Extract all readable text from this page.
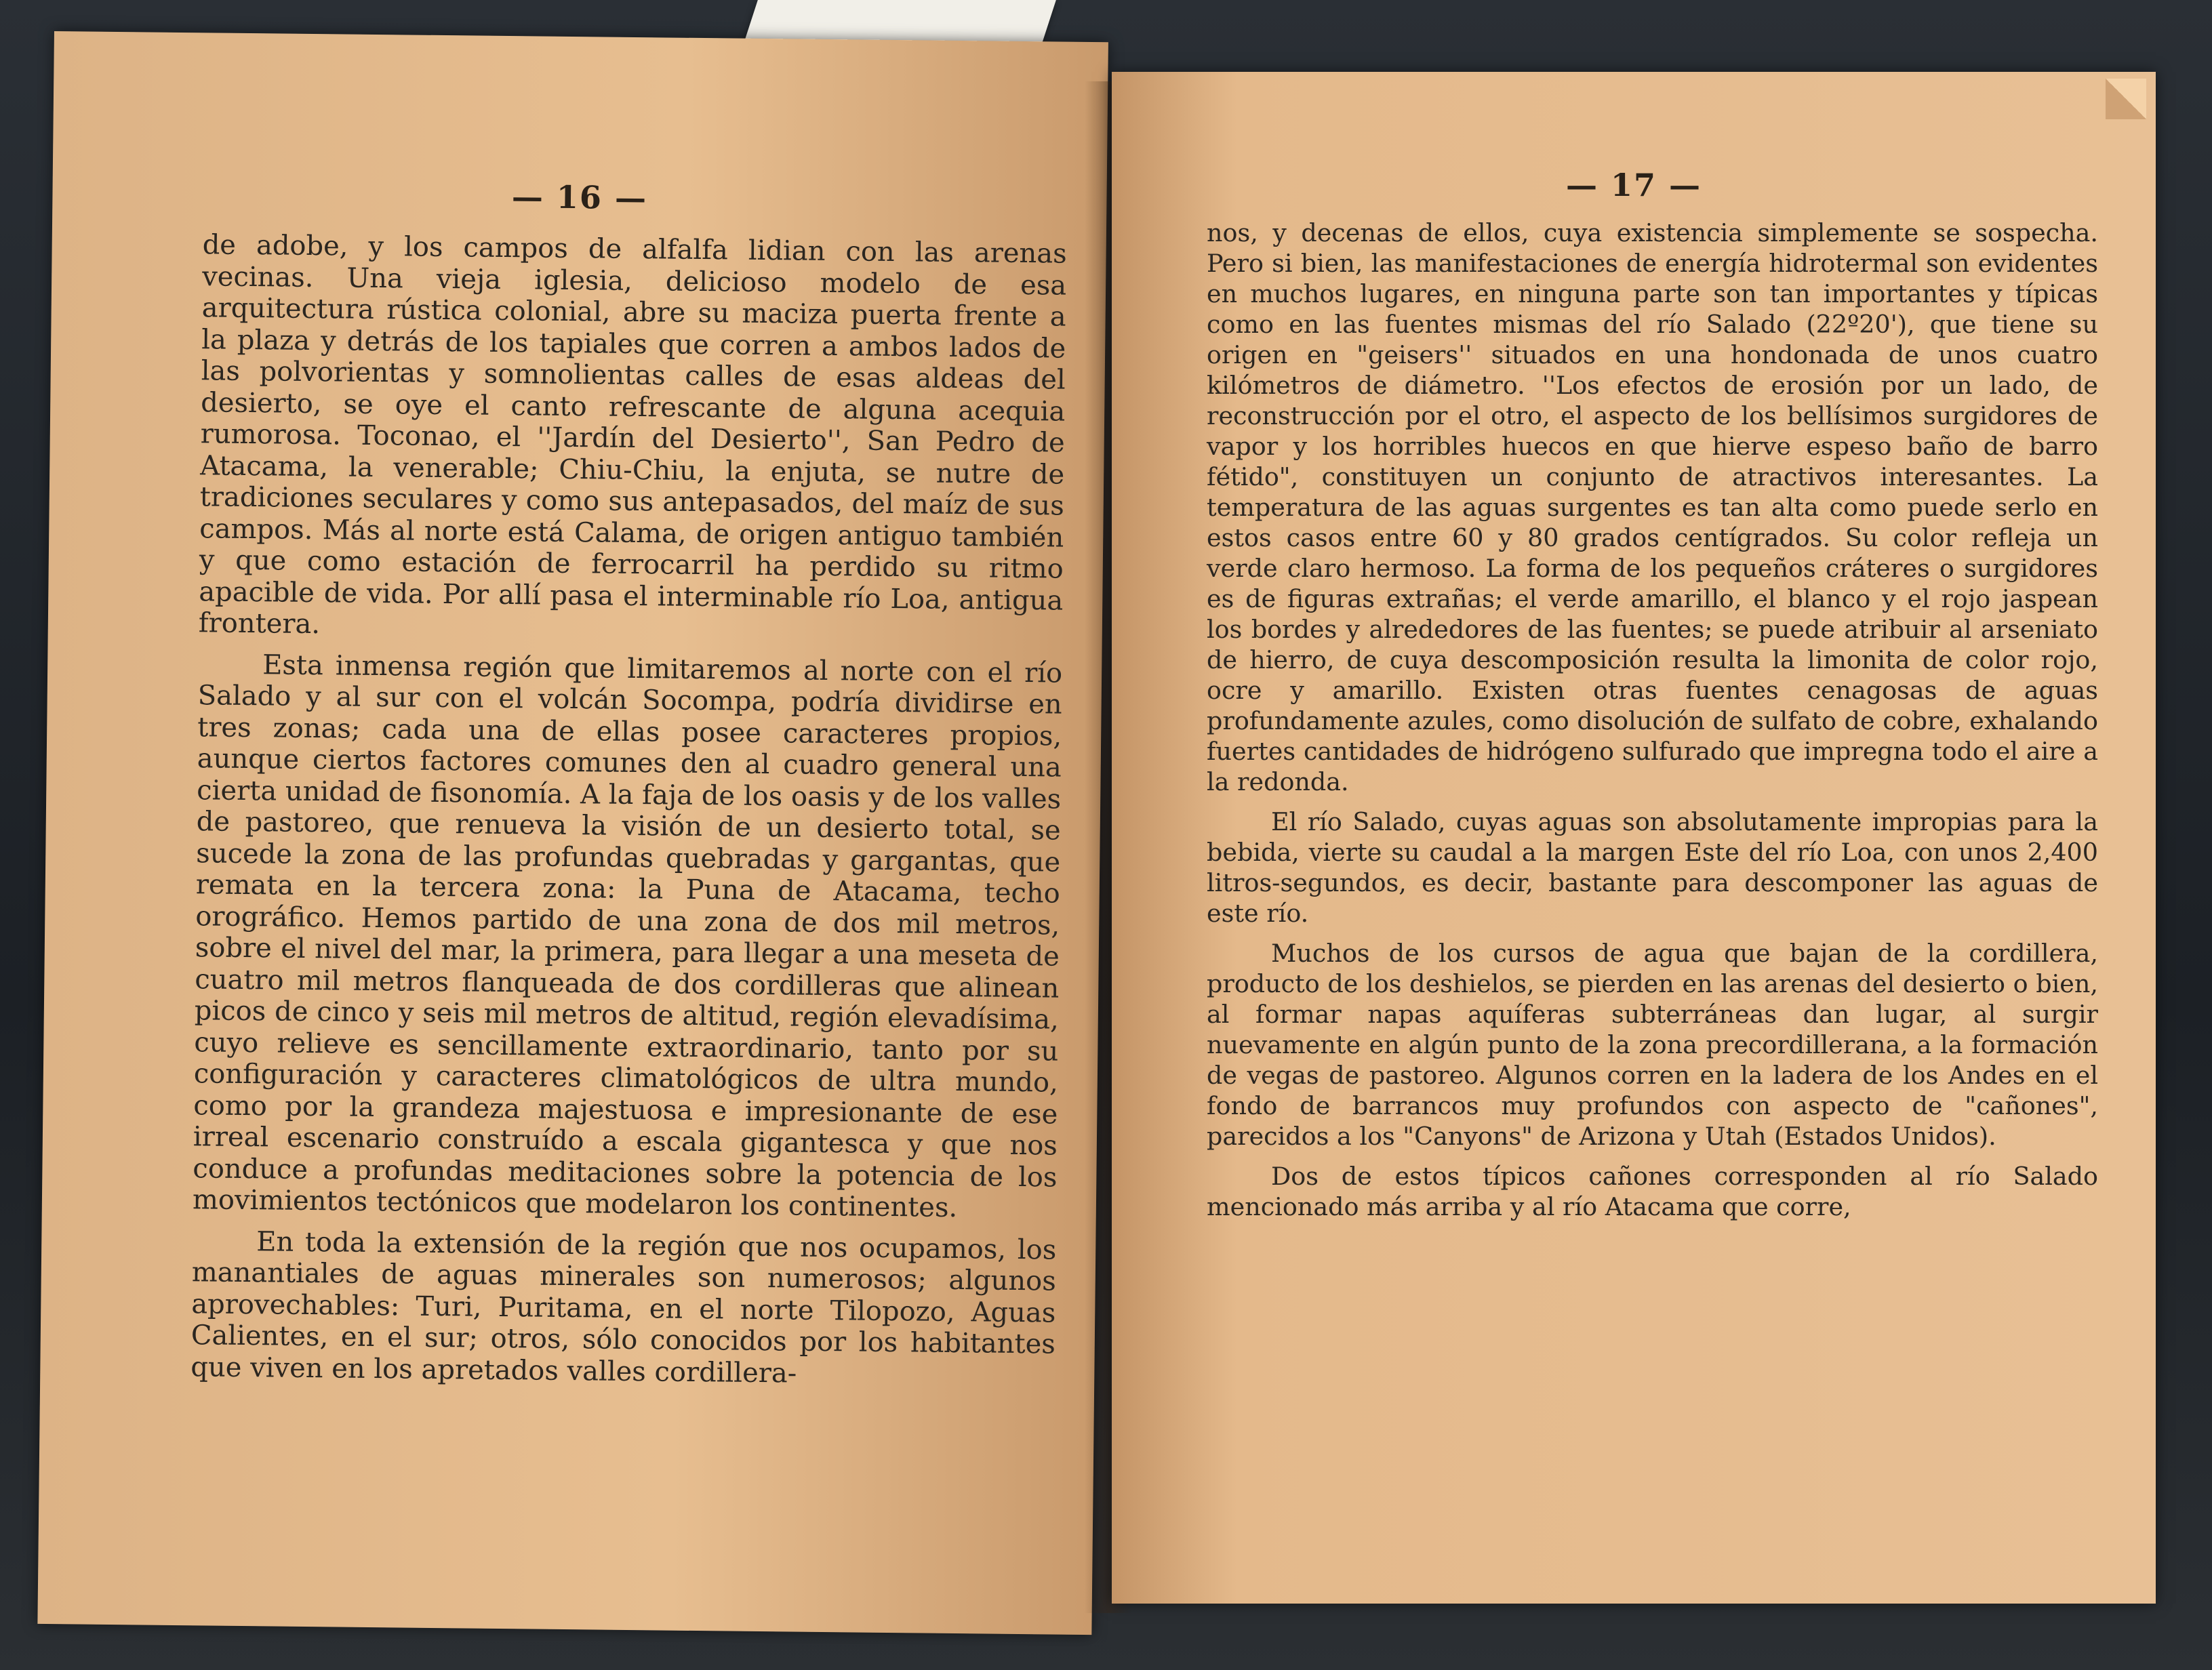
— 16 —

de adobe, y los campos de alfalfa lidian con las arenas vecinas. Una vieja iglesia, delicioso modelo de esa arquitectura rústica colonial, abre su maciza puerta frente a la plaza y detrás de los tapiales que corren a ambos lados de las polvorientas y somnolientas calles de esas aldeas del desierto, se oye el canto refrescante de alguna acequia rumorosa. Toconao, el ''Jardín del Desierto'', San Pedro de Atacama, la venerable; Chiu-Chiu, la enjuta, se nutre de tradiciones seculares y como sus antepasados, del maíz de sus campos. Más al norte está Calama, de origen antiguo también y que como estación de ferrocarril ha perdido su ritmo apacible de vida. Por allí pasa el interminable río Loa, antigua frontera.

Esta inmensa región que limitaremos al norte con el río Salado y al sur con el volcán Socompa, podría dividirse en tres zonas; cada una de ellas posee caracteres propios, aunque ciertos factores comunes den al cuadro general una cierta unidad de fisonomía. A la faja de los oasis y de los valles de pastoreo, que renueva la visión de un desierto total, se sucede la zona de las profundas quebradas y gargantas, que remata en la tercera zona: la Puna de Atacama, techo orográfico. Hemos partido de una zona de dos mil metros, sobre el nivel del mar, la primera, para llegar a una meseta de cuatro mil metros flanqueada de dos cordilleras que alinean picos de cinco y seis mil metros de altitud, región elevadísima, cuyo relieve es sencillamente extraordinario, tanto por su configuración y caracteres climatológicos de ultra mundo, como por la grandeza majestuosa e impresionante de ese irreal escenario construído a escala gigantesca y que nos conduce a profundas meditaciones sobre la potencia de los movimientos tectónicos que modelaron los continentes.

En toda la extensión de la región que nos ocupamos, los manantiales de aguas minerales son numerosos; algunos aprovechables: Turi, Puritama, en el norte Tilopozo, Aguas Calientes, en el sur; otros, sólo conocidos por los habitantes que viven en los apretados valles cordillera-

— 17 —

nos, y decenas de ellos, cuya existencia simplemente se sospecha. Pero si bien, las manifestaciones de energía hidrotermal son evidentes en muchos lugares, en ninguna parte son tan importantes y típicas como en las fuentes mismas del río Salado (22º20'), que tiene su origen en "geisers'' situados en una hondonada de unos cuatro kilómetros de diámetro. ''Los efectos de erosión por un lado, de reconstrucción por el otro, el aspecto de los bellísimos surgidores de vapor y los horribles huecos en que hierve espeso baño de barro fétido", constituyen un conjunto de atractivos interesantes. La temperatura de las aguas surgentes es tan alta como puede serlo en estos casos entre 60 y 80 grados centígrados. Su color refleja un verde claro hermoso. La forma de los pequeños cráteres o surgidores es de figuras extrañas; el verde amarillo, el blanco y el rojo jaspean los bordes y alrededores de las fuentes; se puede atribuir al arseniato de hierro, de cuya descomposición resulta la limonita de color rojo, ocre y amarillo. Existen otras fuentes cenagosas de aguas profundamente azules, como disolución de sulfato de cobre, exhalando fuertes cantidades de hidrógeno sulfurado que impregna todo el aire a la redonda.

El río Salado, cuyas aguas son absolutamente impropias para la bebida, vierte su caudal a la margen Este del río Loa, con unos 2,400 litros-segundos, es decir, bastante para descomponer las aguas de este río.

Muchos de los cursos de agua que bajan de la cordillera, producto de los deshielos, se pierden en las arenas del desierto o bien, al formar napas aquíferas subterráneas dan lugar, al surgir nuevamente en algún punto de la zona precordillerana, a la formación de vegas de pastoreo. Algunos corren en la ladera de los Andes en el fondo de barrancos muy profundos con aspecto de "cañones", parecidos a los "Canyons" de Arizona y Utah (Estados Unidos).

Dos de estos típicos cañones corresponden al río Salado mencionado más arriba y al río Atacama que corre,
